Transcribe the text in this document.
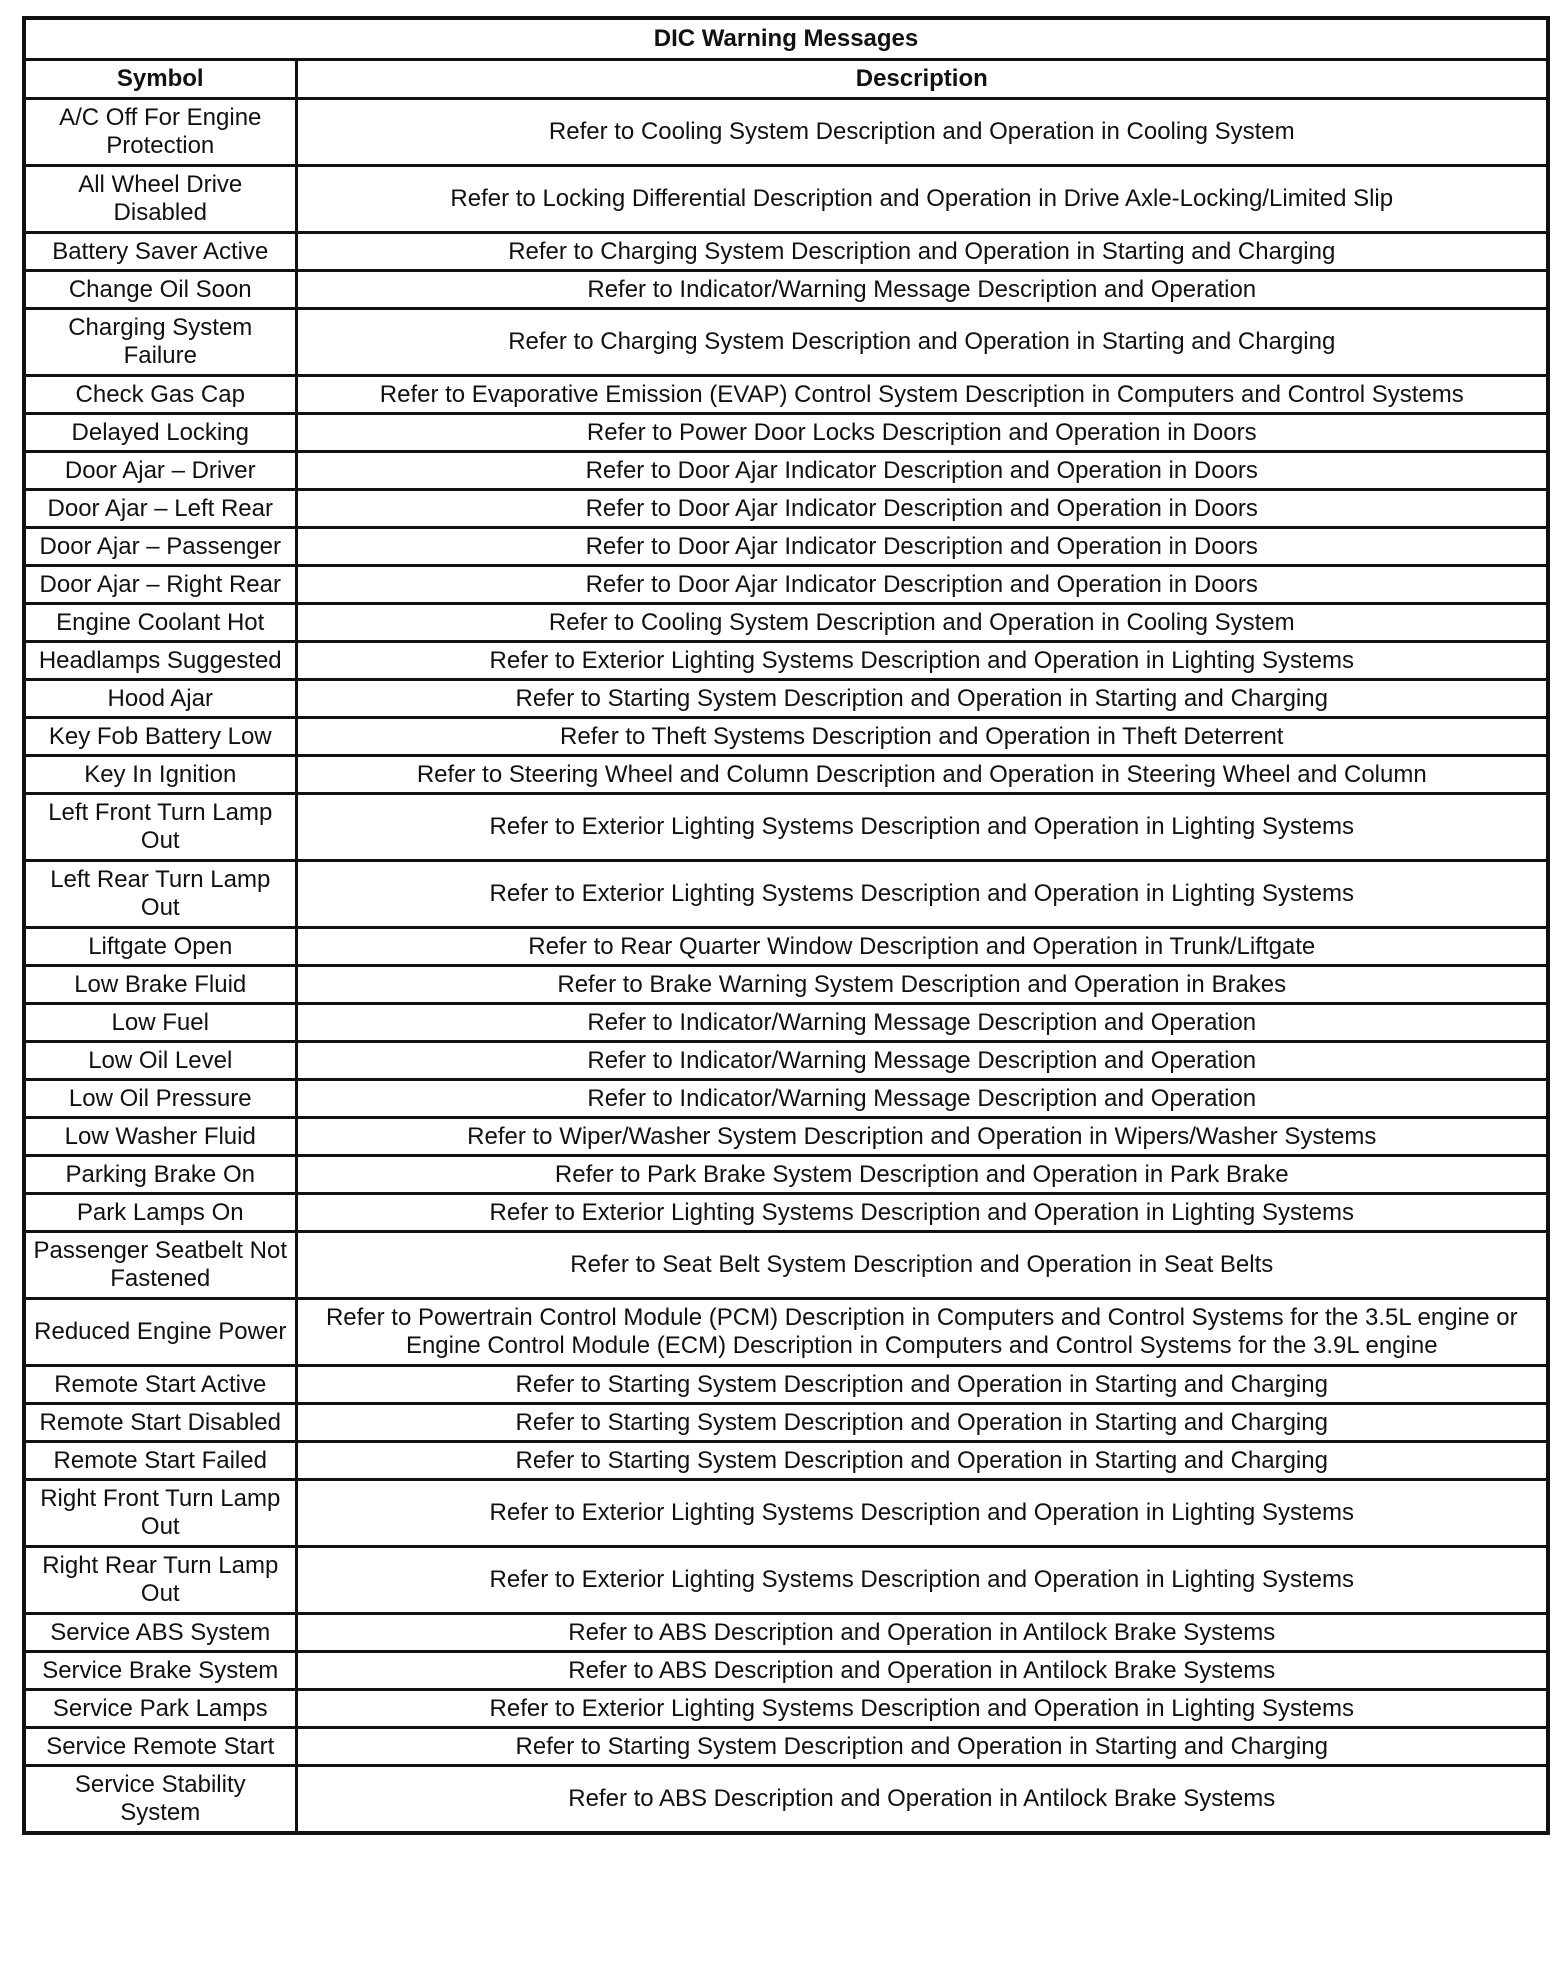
DIC Warning Messages	
Symbol	Description
A/C Off For Engine Protection	Refer to Cooling System Description and Operation in Cooling System
All Wheel Drive Disabled	Refer to Locking Differential Description and Operation in Drive Axle-Locking/Limited Slip
Battery Saver Active	Refer to Charging System Description and Operation in Starting and Charging
Change Oil Soon	Refer to Indicator/Warning Message Description and Operation
Charging System Failure	Refer to Charging System Description and Operation in Starting and Charging
Check Gas Cap	Refer to Evaporative Emission (EVAP) Control System Description in Computers and Control Systems
Delayed Locking	Refer to Power Door Locks Description and Operation in Doors
Door Ajar – Driver	Refer to Door Ajar Indicator Description and Operation in Doors
Door Ajar – Left Rear	Refer to Door Ajar Indicator Description and Operation in Doors
Door Ajar – Passenger	Refer to Door Ajar Indicator Description and Operation in Doors
Door Ajar – Right Rear	Refer to Door Ajar Indicator Description and Operation in Doors
Engine Coolant Hot	Refer to Cooling System Description and Operation in Cooling System
Headlamps Suggested	Refer to Exterior Lighting Systems Description and Operation in Lighting Systems
Hood Ajar	Refer to Starting System Description and Operation in Starting and Charging
Key Fob Battery Low	Refer to Theft Systems Description and Operation in Theft Deterrent
Key In Ignition	Refer to Steering Wheel and Column Description and Operation in Steering Wheel and Column
Left Front Turn Lamp Out	Refer to Exterior Lighting Systems Description and Operation in Lighting Systems
Left Rear Turn Lamp Out	Refer to Exterior Lighting Systems Description and Operation in Lighting Systems
Liftgate Open	Refer to Rear Quarter Window Description and Operation in Trunk/Liftgate
Low Brake Fluid	Refer to Brake Warning System Description and Operation in Brakes
Low Fuel	Refer to Indicator/Warning Message Description and Operation
Low Oil Level	Refer to Indicator/Warning Message Description and Operation
Low Oil Pressure	Refer to Indicator/Warning Message Description and Operation
Low Washer Fluid	Refer to Wiper/Washer System Description and Operation in Wipers/Washer Systems
Parking Brake On	Refer to Park Brake System Description and Operation in Park Brake
Park Lamps On	Refer to Exterior Lighting Systems Description and Operation in Lighting Systems
Passenger Seatbelt Not Fastened	Refer to Seat Belt System Description and Operation in Seat Belts
Reduced Engine Power	Refer to Powertrain Control Module (PCM) Description in Computers and Control Systems for the 3.5L engine or Engine Control Module (ECM) Description in Computers and Control Systems for the 3.9L engine
Remote Start Active	Refer to Starting System Description and Operation in Starting and Charging
Remote Start Disabled	Refer to Starting System Description and Operation in Starting and Charging
Remote Start Failed	Refer to Starting System Description and Operation in Starting and Charging
Right Front Turn Lamp Out	Refer to Exterior Lighting Systems Description and Operation in Lighting Systems
Right Rear Turn Lamp Out	Refer to Exterior Lighting Systems Description and Operation in Lighting Systems
Service ABS System	Refer to ABS Description and Operation in Antilock Brake Systems
Service Brake System	Refer to ABS Description and Operation in Antilock Brake Systems
Service Park Lamps	Refer to Exterior Lighting Systems Description and Operation in Lighting Systems
Service Remote Start	Refer to Starting System Description and Operation in Starting and Charging
Service Stability System	Refer to ABS Description and Operation in Antilock Brake Systems
